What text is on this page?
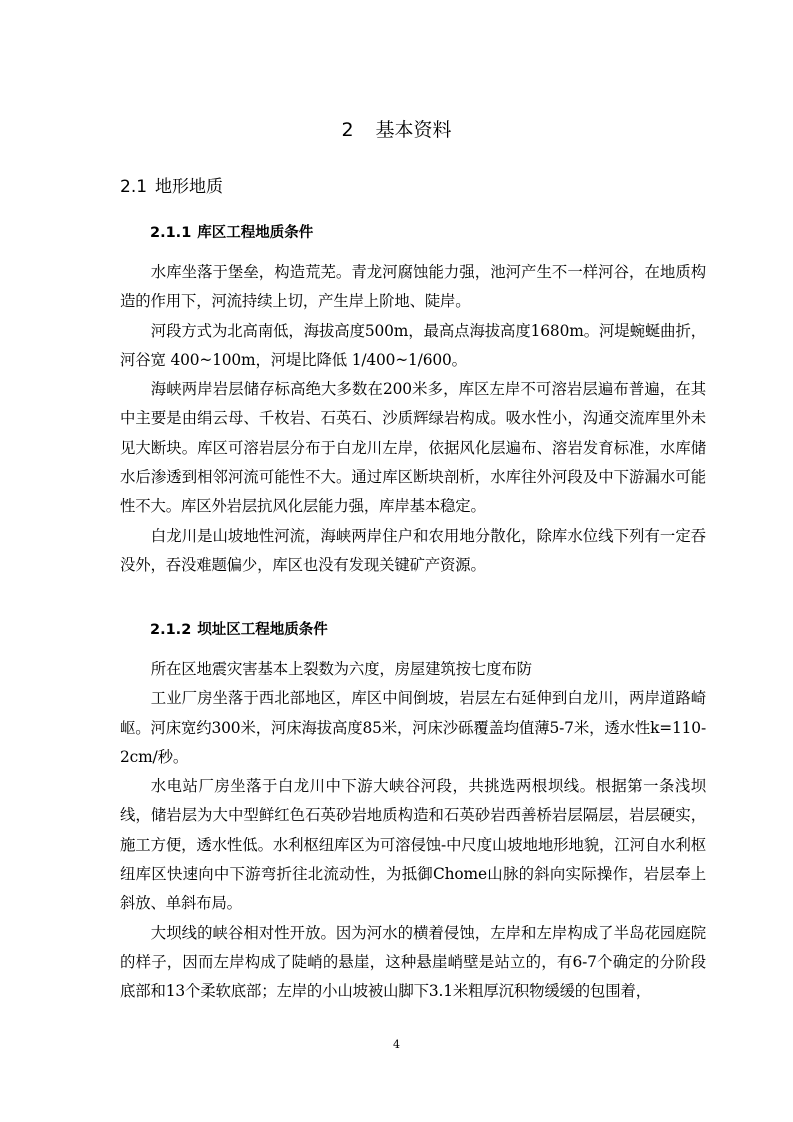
2 基本资料
2.1 地形地质
2.1.1 库区工程地质条件

水库坐落于堡垒，构造荒芜。青龙河腐蚀能力强，池河产生不一样河谷，在地质构造的作用下，河流持续上切，产生岸上阶地、陡岸。

河段方式为北高南低，海拔高度500m，最高点海拔高度1680m。河堤蜿蜒曲折，河谷宽 400~100m，河堤比降低 1/400~1/600。

海峡两岸岩层储存标高绝大多数在200米多，库区左岸不可溶岩层遍布普遍，在其中主要是由绢云母、千枚岩、石英石、沙质辉绿岩构成。吸水性小，沟通交流库里外未见大断块。库区可溶岩层分布于白龙川左岸，依据风化层遍布、溶岩发育标准，水库储水后渗透到相邻河流可能性不大。通过库区断块剖析，水库往外河段及中下游漏水可能性不大。库区外岩层抗风化层能力强，库岸基本稳定。

白龙川是山坡地性河流，海峡两岸住户和农用地分散化，除库水位线下列有一定吞没外，吞没难题偏少，库区也没有发现关键矿产资源。

2.1.2 坝址区工程地质条件

所在区地震灾害基本上裂数为六度，房屋建筑按七度布防

工业厂房坐落于西北部地区，库区中间倒坡，岩层左右延伸到白龙川，两岸道路崎岖。河床宽约300米，河床海拔高度85米，河床沙砾覆盖均值薄5-7米，透水性k=110-2cm/秒。

水电站厂房坐落于白龙川中下游大峡谷河段，共挑选两根坝线。根据第一条浅坝线，储岩层为大中型鲜红色石英砂岩地质构造和石英砂岩西善桥岩层隔层，岩层硬实，施工方便，透水性低。水利枢纽库区为可溶侵蚀-中尺度山坡地地形地貌，江河自水利枢纽库区快速向中下游弯折往北流动性，为抵御Chome山脉的斜向实际操作，岩层奉上斜放、单斜布局。

大坝线的峡谷相对性开放。因为河水的横着侵蚀，左岸和左岸构成了半岛花园庭院的样子，因而左岸构成了陡峭的悬崖，这种悬崖峭壁是站立的，有6-7个确定的分阶段底部和13个柔软底部；左岸的小山坡被山脚下3.1米粗厚沉积物缓缓的包围着，

4
